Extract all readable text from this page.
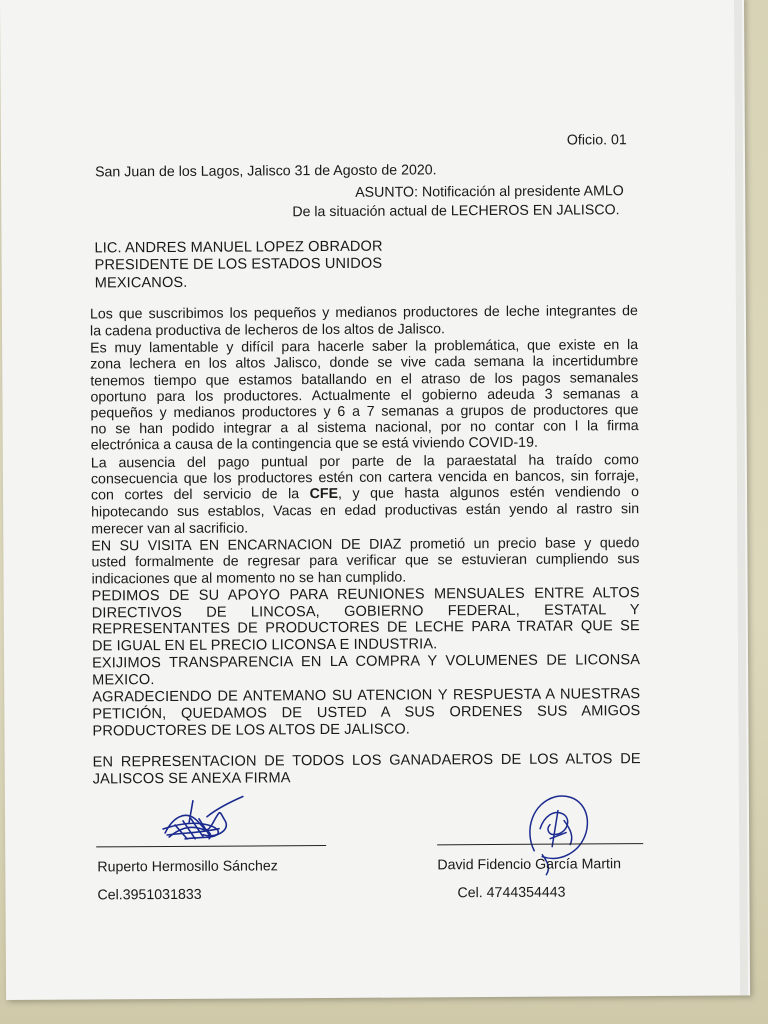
Oficio. 01
San Juan de los Lagos, Jalisco 31 de Agosto de 2020.
ASUNTO: Notificación al presidente AMLO
De la situación actual de LECHEROS EN JALISCO.
LIC. ANDRES MANUEL LOPEZ OBRADOR
PRESIDENTE DE LOS ESTADOS UNIDOS
MEXICANOS.
Los que suscribimos los pequeños y medianos productores de leche integrantes de
la cadena productiva de lecheros de los altos de Jalisco.
Es muy lamentable y difícil para hacerle saber la problemática, que existe en la
zona lechera en los altos Jalisco, donde se vive cada semana la incertidumbre
tenemos tiempo que estamos batallando en el atraso de los pagos semanales
oportuno para los productores. Actualmente el gobierno adeuda 3 semanas a
pequeños y medianos productores y 6 a 7 semanas a grupos de productores que
no se han podido integrar a al sistema nacional, por no contar con l la firma
electrónica a causa de la contingencia que se está viviendo COVID-19.
La ausencia del pago puntual por parte de la paraestatal ha traído como
consecuencia que los productores estén con cartera vencida en bancos, sin forraje,
con cortes del servicio de la CFE, y que hasta algunos estén vendiendo o
hipotecando sus establos, Vacas en edad productivas están yendo al rastro sin
merecer van al sacrificio.
EN SU VISITA EN ENCARNACION DE DIAZ prometió un precio base y quedo
usted formalmente de regresar para verificar que se estuvieran cumpliendo sus
indicaciones que al momento no se han cumplido.
PEDIMOS DE SU APOYO PARA REUNIONES MENSUALES ENTRE ALTOS
DIRECTIVOS DE LINCOSA, GOBIERNO FEDERAL, ESTATAL Y
REPRESENTANTES DE PRODUCTORES DE LECHE PARA TRATAR QUE SE
DE IGUAL EN EL PRECIO LICONSA E INDUSTRIA.
EXIJIMOS TRANSPARENCIA EN LA COMPRA Y VOLUMENES DE LICONSA
MEXICO.
AGRADECIENDO DE ANTEMANO SU ATENCION Y RESPUESTA A NUESTRAS
PETICIÓN, QUEDAMOS DE USTED A SUS ORDENES SUS AMIGOS
PRODUCTORES DE LOS ALTOS DE JALISCO.
EN REPRESENTACION DE TODOS LOS GANADAEROS DE LOS ALTOS DE
JALISCOS SE ANEXA FIRMA
Ruperto Hermosillo Sánchez
Cel.3951031833
David Fidencio García Martin
Cel. 4744354443
